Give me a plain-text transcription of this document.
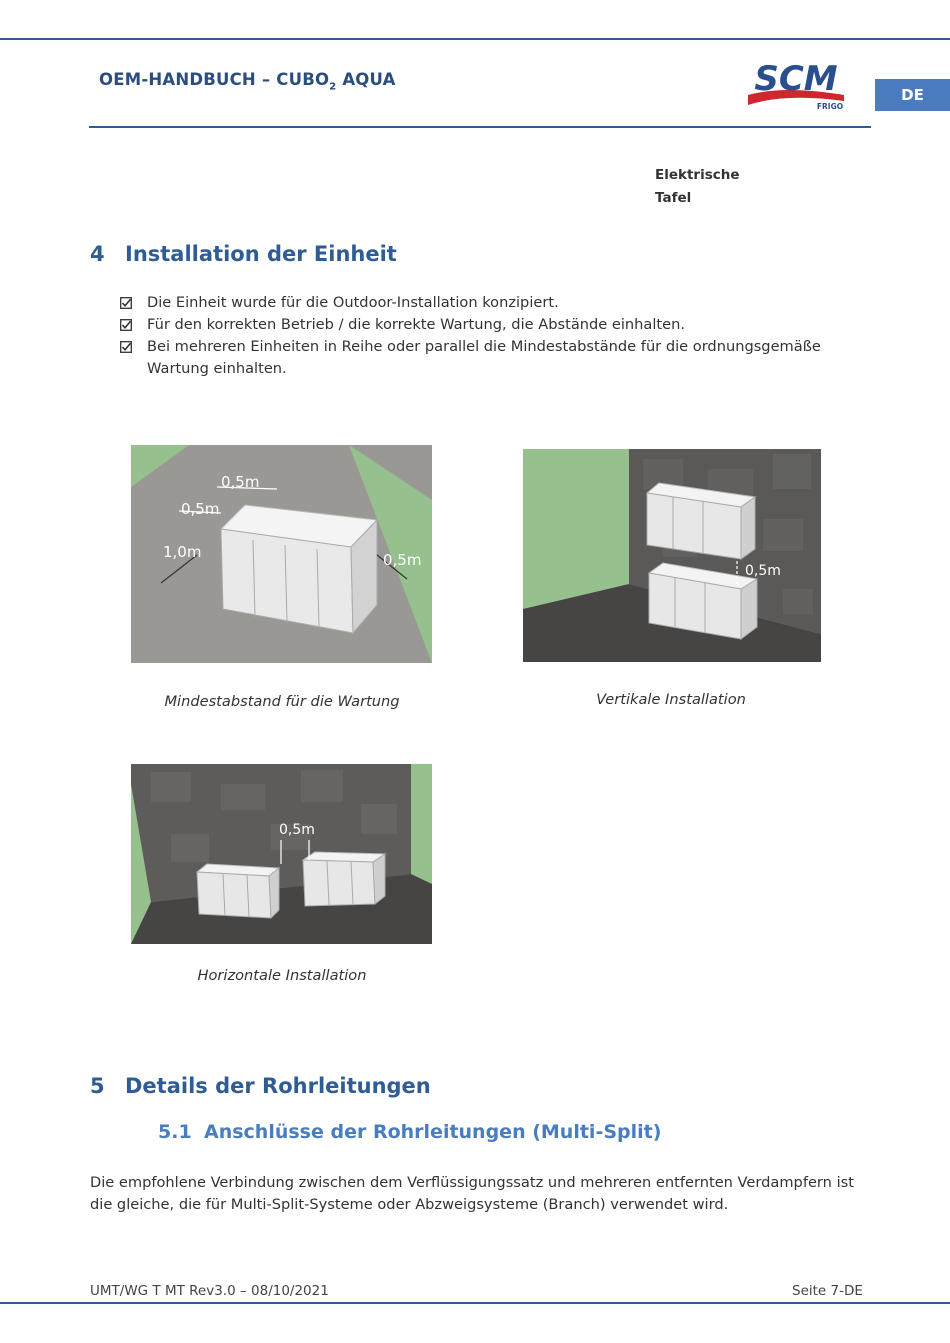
OEM-HANDBUCH – $CUBO_2$ AQUA	SCM
FRIGO
DE
Elektrische
Tafel
4 Installation der Einheit
Die Einheit wurde für die Outdoor-Installation konzipiert.
Für den korrekten Betrieb / die korrekte Wartung, die Abstände einhalten.
Bei mehreren Einheiten in Reihe oder parallel die Mindestabstände für die ordnungsgemäße Wartung einhalten.
0,5m
0,5m
1,0m	0,5m
Mindestabstand für die Wartung
0,5m
Vertikale Installation
0,5m
Horizontale Installation
5 Details der Rohrleitungen
5.1 Anschlüsse der Rohrleitungen (Multi-Split)
Die empfohlene Verbindung zwischen dem Verflüssigungssatz und mehreren entfernten Verdampfern ist die gleiche, die für Multi-Split-Systeme oder Abzweigsysteme (Branch) verwendet wird.
UMT/WG T MT Rev3.0 – 08/10/2021	Seite 7-DE
